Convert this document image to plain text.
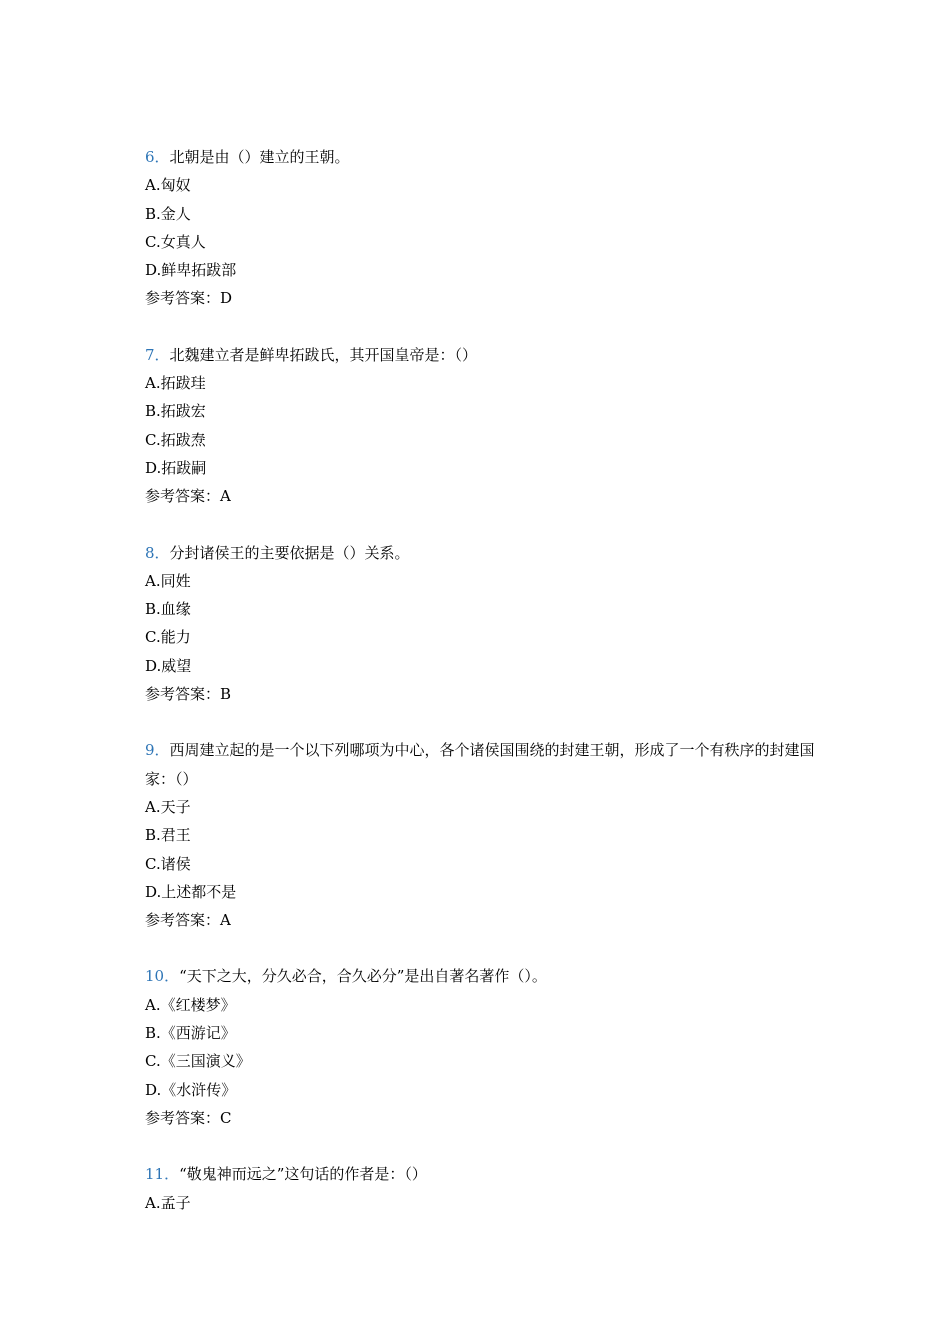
6．北朝是由（）建立的王朝。
A.匈奴
B.金人
C.女真人
D.鲜卑拓跋部
参考答案：D
7．北魏建立者是鲜卑拓跋氏，其开国皇帝是：（）
A.拓跋珪
B.拓跋宏
C.拓跋焘
D.拓跋嗣
参考答案：A
8．分封诸侯王的主要依据是（）关系。
A.同姓
B.血缘
C.能力
D.威望
参考答案：B
9．西周建立起的是一个以下列哪项为中心，各个诸侯国围绕的封建王朝，形成了一个有秩序的封建国家：（）
A.天子
B.君王
C.诸侯
D.上述都不是
参考答案：A
10．“天下之大，分久必合，合久必分”是出自著名著作（）。
A.《红楼梦》
B.《西游记》
C.《三国演义》
D.《水浒传》
参考答案：C
11．“敬鬼神而远之”这句话的作者是：（）
A.孟子
